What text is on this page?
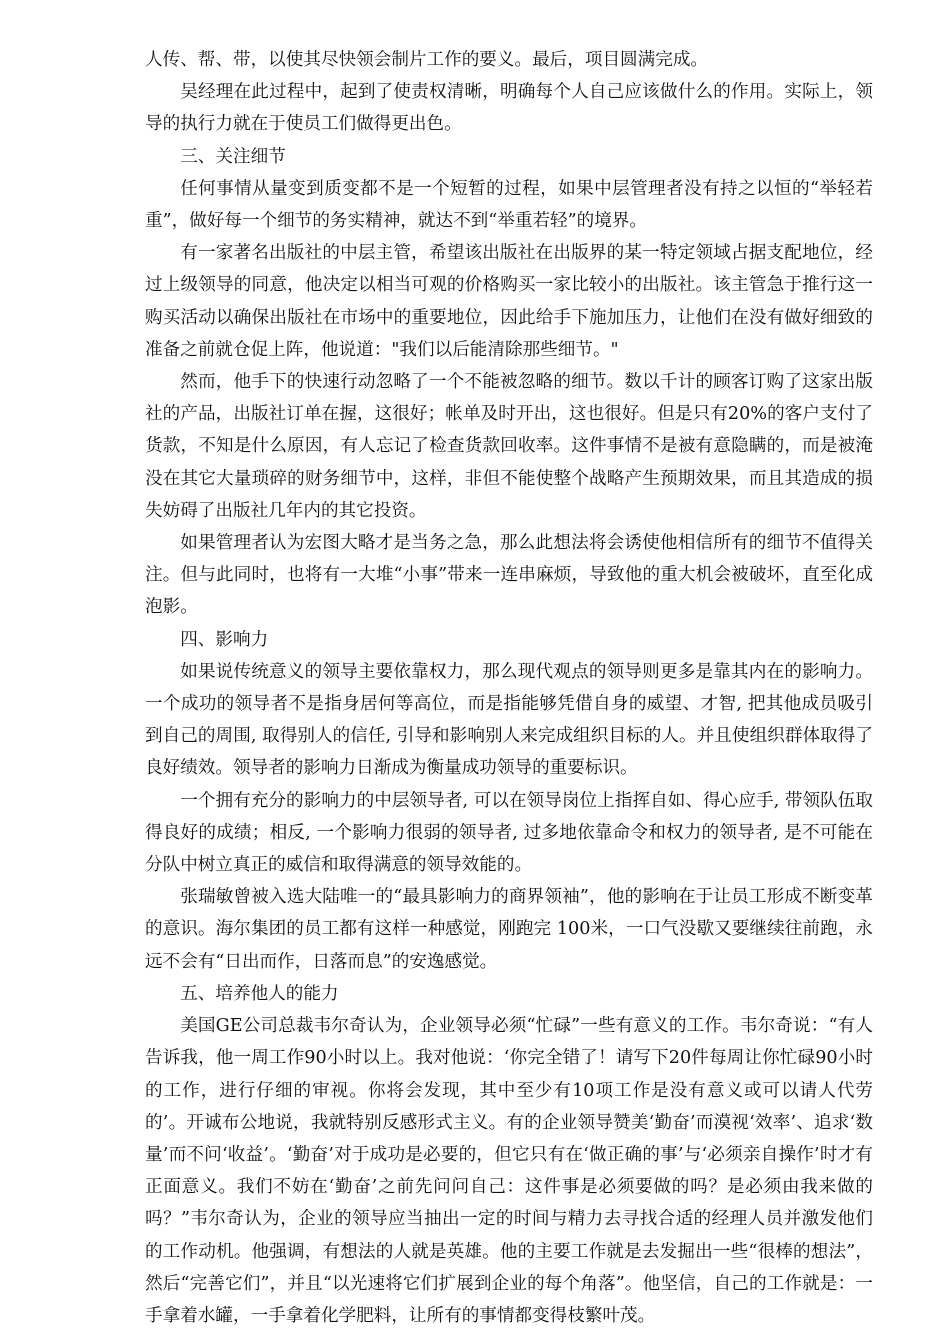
人传、帮、带，以使其尽快领会制片工作的要义。最后，项目圆满完成。

吴经理在此过程中，起到了使责权清晰，明确每个人自己应该做什么的作用。实际上，领导的执行力就在于使员工们做得更出色。

三、关注细节

任何事情从量变到质变都不是一个短暂的过程，如果中层管理者没有持之以恒的“举轻若重”，做好每一个细节的务实精神，就达不到“举重若轻”的境界。

有一家著名出版社的中层主管，希望该出版社在出版界的某一特定领域占据支配地位，经过上级领导的同意，他决定以相当可观的价格购买一家比较小的出版社。该主管急于推行这一购买活动以确保出版社在市场中的重要地位，因此给手下施加压力，让他们在没有做好细致的准备之前就仓促上阵，他说道："我们以后能清除那些细节。"

然而，他手下的快速行动忽略了一个不能被忽略的细节。数以千计的顾客订购了这家出版社的产品，出版社订单在握，这很好；帐单及时开出，这也很好。但是只有20%的客户支付了货款，不知是什么原因，有人忘记了检查货款回收率。这件事情不是被有意隐瞒的，而是被淹没在其它大量琐碎的财务细节中，这样，非但不能使整个战略产生预期效果，而且其造成的损失妨碍了出版社几年内的其它投资。

如果管理者认为宏图大略才是当务之急，那么此想法将会诱使他相信所有的细节不值得关注。但与此同时，也将有一大堆“小事”带来一连串麻烦，导致他的重大机会被破坏，直至化成泡影。

四、影响力

如果说传统意义的领导主要依靠权力，那么现代观点的领导则更多是靠其内在的影响力。一个成功的领导者不是指身居何等高位，而是指能够凭借自身的威望、才智, 把其他成员吸引到自己的周围, 取得别人的信任, 引导和影响别人来完成组织目标的人。并且使组织群体取得了良好绩效。领导者的影响力日渐成为衡量成功领导的重要标识。

一个拥有充分的影响力的中层领导者, 可以在领导岗位上指挥自如、得心应手, 带领队伍取得良好的成绩；相反, 一个影响力很弱的领导者, 过多地依靠命令和权力的领导者, 是不可能在分队中树立真正的威信和取得满意的领导效能的。

张瑞敏曾被入选大陆唯一的“最具影响力的商界领袖”，他的影响在于让员工形成不断变革的意识。海尔集团的员工都有这样一种感觉，刚跑完 100米，一口气没歇又要继续往前跑，永远不会有“日出而作，日落而息”的安逸感觉。

五、培养他人的能力

美国GE公司总裁韦尔奇认为，企业领导必须“忙碌”一些有意义的工作。韦尔奇说：“有人告诉我，他一周工作90小时以上。我对他说：‘你完全错了！请写下20件每周让你忙碌90小时的工作，进行仔细的审视。你将会发现，其中至少有10项工作是没有意义或可以请人代劳的’。开诚布公地说，我就特别反感形式主义。有的企业领导赞美‘勤奋’而漠视‘效率’、追求‘数量’而不问‘收益’。‘勤奋’对于成功是必要的，但它只有在‘做正确的事’与‘必须亲自操作’时才有正面意义。我们不妨在‘勤奋’之前先问问自己：这件事是必须要做的吗？是必须由我来做的吗？”韦尔奇认为，企业的领导应当抽出一定的时间与精力去寻找合适的经理人员并激发他们的工作动机。他强调，有想法的人就是英雄。他的主要工作就是去发掘出一些“很棒的想法”，然后“完善它们”，并且“以光速将它们扩展到企业的每个角落”。他坚信，自己的工作就是：一手拿着水罐，一手拿着化学肥料，让所有的事情都变得枝繁叶茂。
